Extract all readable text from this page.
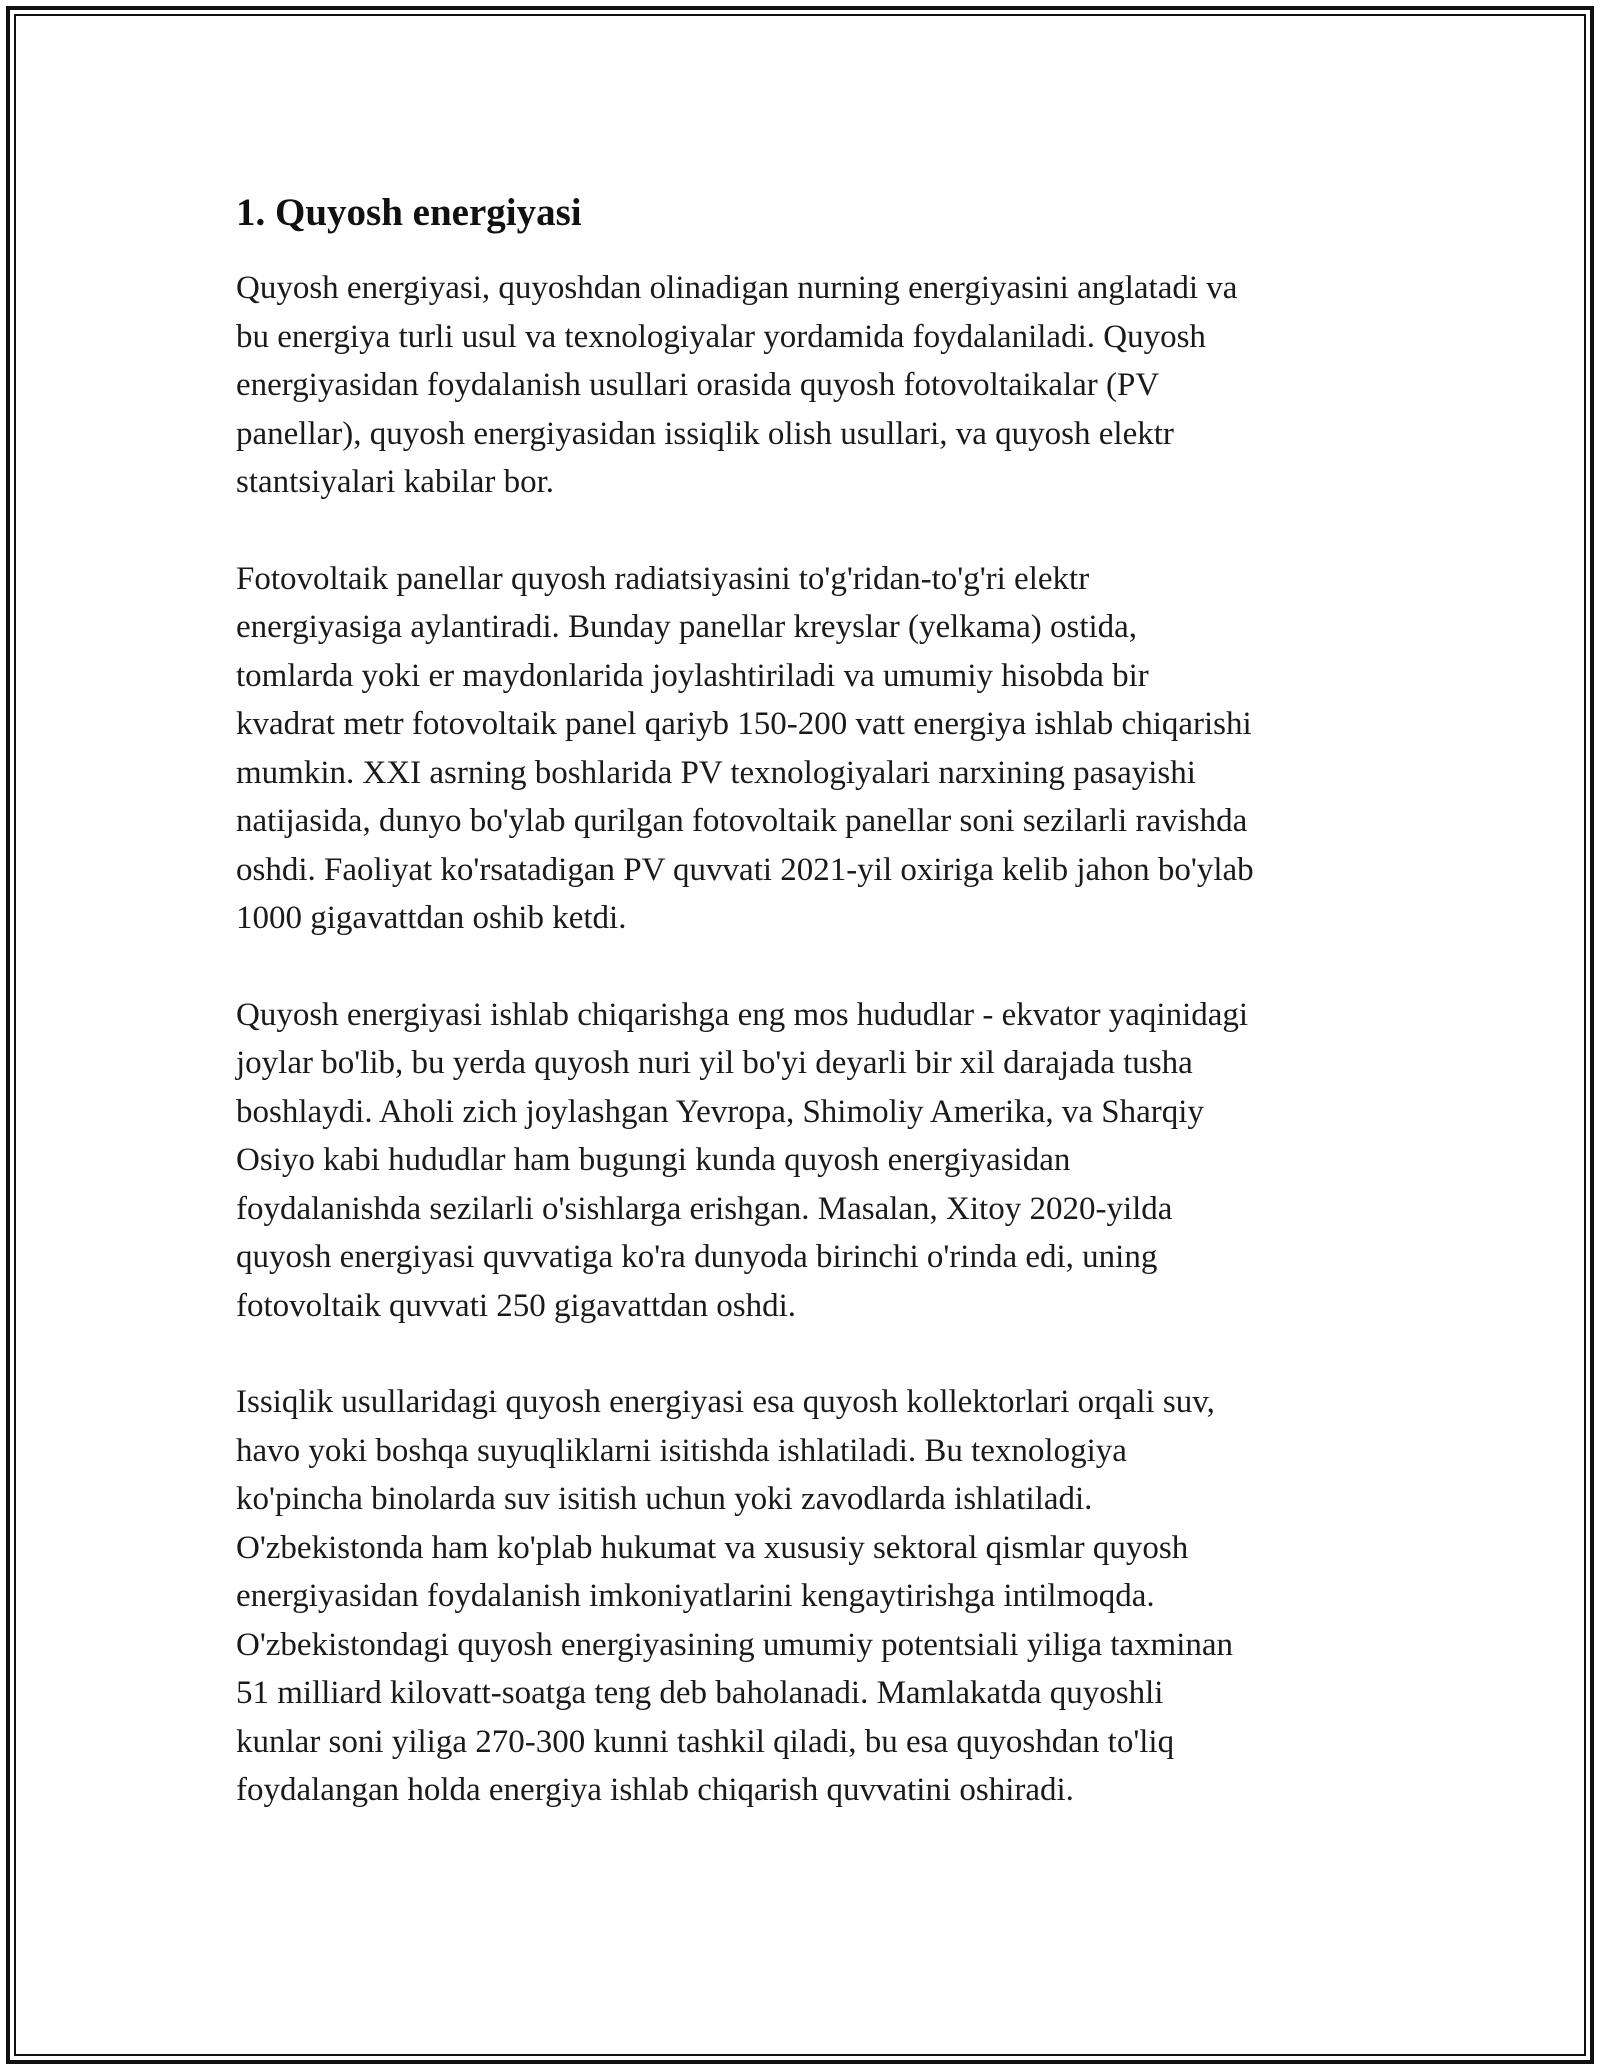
1. Quyosh energiyasi

Quyosh energiyasi, quyoshdan olinadigan nurning energiyasini anglatadi va
bu energiya turli usul va texnologiyalar yordamida foydalaniladi. Quyosh
energiyasidan foydalanish usullari orasida quyosh fotovoltaikalar (PV
panellar), quyosh energiyasidan issiqlik olish usullari, va quyosh elektr
stantsiyalari kabilar bor.

Fotovoltaik panellar quyosh radiatsiyasini to'g'ridan-to'g'ri elektr
energiyasiga aylantiradi. Bunday panellar kreyslar (yelkama) ostida,
tomlarda yoki er maydonlarida joylashtiriladi va umumiy hisobda bir
kvadrat metr fotovoltaik panel qariyb 150-200 vatt energiya ishlab chiqarishi
mumkin. XXI asrning boshlarida PV texnologiyalari narxining pasayishi
natijasida, dunyo bo'ylab qurilgan fotovoltaik panellar soni sezilarli ravishda
oshdi. Faoliyat ko'rsatadigan PV quvvati 2021-yil oxiriga kelib jahon bo'ylab
1000 gigavattdan oshib ketdi.

Quyosh energiyasi ishlab chiqarishga eng mos hududlar - ekvator yaqinidagi
joylar bo'lib, bu yerda quyosh nuri yil bo'yi deyarli bir xil darajada tusha
boshlaydi. Aholi zich joylashgan Yevropa, Shimoliy Amerika, va Sharqiy
Osiyo kabi hududlar ham bugungi kunda quyosh energiyasidan
foydalanishda sezilarli o'sishlarga erishgan. Masalan, Xitoy 2020-yilda
quyosh energiyasi quvvatiga ko'ra dunyoda birinchi o'rinda edi, uning
fotovoltaik quvvati 250 gigavattdan oshdi.

Issiqlik usullaridagi quyosh energiyasi esa quyosh kollektorlari orqali suv,
havo yoki boshqa suyuqliklarni isitishda ishlatiladi. Bu texnologiya
ko'pincha binolarda suv isitish uchun yoki zavodlarda ishlatiladi.
O'zbekistonda ham ko'plab hukumat va xususiy sektoral qismlar quyosh
energiyasidan foydalanish imkoniyatlarini kengaytirishga intilmoqda.
O'zbekistondagi quyosh energiyasining umumiy potentsiali yiliga taxminan
51 milliard kilovatt-soatga teng deb baholanadi. Mamlakatda quyoshli
kunlar soni yiliga 270-300 kunni tashkil qiladi, bu esa quyoshdan to'liq
foydalangan holda energiya ishlab chiqarish quvvatini oshiradi.
